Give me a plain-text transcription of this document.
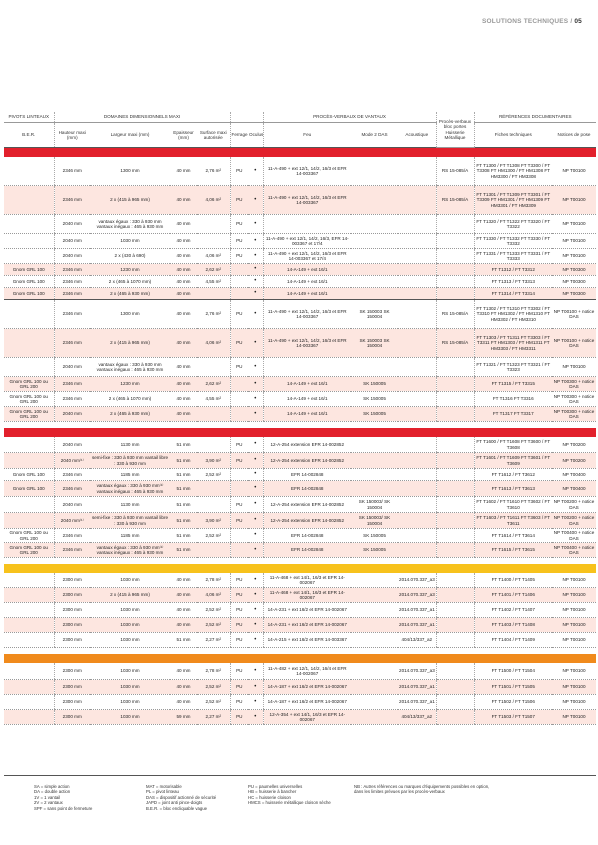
SOLUTIONS TECHNIQUES / 05
PIVOTS LINTEAUX	DOMAINES DIMENSIONNELS MAXI						PROCÈS-VERBAUX DE VANTAUX			Procès-verbaux bloc portes Huisserie Métallique	RÉFÉRENCES DOCUMENTAIRES	
B.E.R.	Hauteur maxi (mm)	Largeur maxi (mm)	Epaisseur (mm)	Surface maxi autorisée	Ferrage	Oculus	Feu	Mode 2 DAS	Acoustique		Fiches techniques	Notices de pose

	2346 mm	1300 mm	40 mm	2,76 m²	PU	•	11-A-490 + ext 12/1, 14/2, 16/3 et EFR 14-003367			RS 15-085/A	FT T1300 / FT T1308 FT T3300 / FT T3308 FT HM1300 / FT HM1308 FT HM3300 / FT HM3308	NP T00100
	2346 mm	2 x (415 à 965 mm)	40 mm	4,06 m²	PU	•	11-A-490 + ext 12/1, 14/2, 16/3 et EFR 14-003367			RS 15-085/A	FT T1301 / FT T1309 FT T3301 / FT T3309 FT HM1301 / FT HM1309 FT HM3301 / FT HM3309	NP T00100
	2040 mm	vantaux égaux : 330 à 930 mm vantaux inégaux : 465 à 930 mm	40 mm		PU	•					FT T1320 / FT T1322 FT T3320 / FT T3322	NP T00100
	2040 mm	1030 mm	40 mm		PU	•	11-A-490 + ext 12/1, 14/2, 16/3, EFR 14-003367 et 17/4				FT T1330 / FT T1332 FT T3330 / FT T3332	NP T00100
	2040 mm	2 x (430 à 690)	40 mm	4,06 m²	PU	•	11-A-490 + ext 12/1, 14/2, 16/3 et EFR 14-003367 et 17/4				FT T1331 / FT T1333 FT T3331 / FT T3333	NP T00100
Gnom GRL 100	2346 mm	1230 mm	40 mm	2,62 m²		•	14-A-149 + ext 16/1				FT T1312 / FT T3312	NP T00300
Gnom GRL 100	2346 mm	2 x (465 à 1070 mm)	40 mm	4,55 m²		•	14-A-149 + ext 16/1				FT T1313 / FT T3313	NP T00300
Gnom GRL 100	2346 mm	2 x (465 à 930 mm)	40 mm			•	14-A-149 + ext 16/1				FT T1314 / FT T3314	NP T00300
	2346 mm	1300 mm	40 mm	2,76 m²	PU	•	11-A-490 + ext 12/1, 14/2, 16/3 et EFR 14-003367	SK 150003 SK 150004		RS 15-085/A	FT T1302 / FT T1310 FT T3302 / FT T3310 FT HM1302 / FT HM1310 FT HM3302 / FT HM3310	NP T00100 + notice DAS
	2346 mm	2 x (415 à 965 mm)	40 mm	4,06 m²	PU	•	11-A-490 + ext 12/1, 14/2, 16/3 et EFR 14-003367	SK 150003 SK 150004		RS 15-085/A	FT T1303 / FT T1311 FT T3303 / FT T3311 FT HM1303 / FT HM1311 FT HM3303 / FT HM3311	NP T00100 + notice DAS
	2040 mm	vantaux égaux : 330 à 930 mm vantaux inégaux : 465 à 930 mm	40 mm		PU	•					FT T1321 / FT T1323 FT T3321 / FT T3323	NP T00100
Gnom GRL 100 ou GRL 200	2346 mm	1230 mm	40 mm	2,62 m²		•	14-A-149 + ext 16/1	SK 150005			FT T1315 / FT T3315	NP T00300 + notice DAS
Gnom GRL 100 ou GRL 200	2346 mm	2 x (465 à 1070 mm)	40 mm	4,55 m²		•	14-A-149 + ext 16/1	SK 150005			FT T1316 FT T3316	NP T00300 + notice DAS
Gnom GRL 100 ou GRL 200	2040 mm	2 x (465 à 930 mm)	40 mm			•	14-A-149 + ext 16/1	SK 150005			FT T1317 FT T3317	NP T00300 + notice DAS

	2040 mm	1130 mm	51 mm		PU	•	12-A-254 extension EFR 14-002852				FT T1600 / FT T1608 FT T3600 / FT T3608	NP T00200
	2040 mm⁽¹⁾	semi-fixe : 330 à 930 mm vantail libre : 330 à 930 mm	51 mm	3,90 m²	PU	•	12-A-254 extension EFR 14-002852				FT T1601 / FT T1609 FT T3601 / FT T3609	NP T00200
Gnom GRL 100	2346 mm	1185 mm	51 mm	2,52 m²		•	EFR 14-002848				FT T1612 / FT T3612	NP T00400
Gnom GRL 100	2346 mm	vantaux égaux : 330 à 930 mm⁽¹⁾ vantaux inégaux : 465 à 930 mm	51 mm			•	EFR 14-002848				FT T1613 / FT T3613	NP T00400
	2040 mm	1130 mm	51 mm		PU	•	12-A-254 extension EFR 14-002852	SK 150003/ SK 150004			FT T1602 / FT T1610 FT T3602 / FT T3610	NP T00200 + notice DAS
	2040 mm⁽¹⁾	semi-fixe : 330 à 930 mm vantail libre : 330 à 930 mm	51 mm	3,90 m²	PU	•	12-A-254 extension EFR 14-002852	SK 150003/ SK 150004			FT T1603 / FT T1611 FT T3603 / FT T3611	NP T00200 + notice DAS
Gnom GRL 100 ou GRL 200	2346 mm	1185 mm	51 mm	2,52 m²		•	EFR 14-002848	SK 150005			FT T1614 / FT T3614	NP T00400 + notice DAS
Gnom GRL 100 ou GRL 200	2346 mm	vantaux égaux : 330 à 930 mm⁽¹⁾ vantaux inégaux : 465 à 930 mm	51 mm			•	EFR 14-002848	SK 150005			FT T1615 / FT T3615	NP T00400 + notice DAS

	2300 mm	1030 mm	40 mm	2,78 m²	PU	•	11-A-468 + ext 14/1, 16/3 et EFR 14-002067		2014.070.337_a3		FT T1400 / FT T1405	NP T00100
	2300 mm	2 x (415 à 965 mm)	40 mm	4,06 m²	PU	•	11-A-468 + ext 14/1, 16/3 et EFR 14-002067		2014.070.337_a3		FT T1401 / FT T1406	NP T00100
	2300 mm	1030 mm	40 mm	2,52 m²	PU	•	14-A-231 + ext 16/2 et EFR 14-002067		2014.070.337_a1		FT T1402 / FT T1407	NP T00100
	2300 mm	1030 mm	40 mm	2,52 m²	PU	•	14-A-231 + ext 16/2 et EFR 14-002067		2014.070.337_a1		FT T1403 / FT T1408	NP T00100
	2300 mm	1030 mm	51 mm	2,27 m²	PU	•	14-A-215 + ext 16/2 et EFR 14-003367		404/13/337_a2		FT T1404 / FT T1409	NP T00100

	2300 mm	1030 mm	40 mm	2,78 m²	PU	•	11-A-482 + ext 12/1, 14/2, 16/4 et EFR 14-002067		2014.070.337_a3		FT T1500 / FT T1504	NP T00100
	2300 mm	1030 mm	40 mm	2,52 m²	PU	•	14-A-187 + ext 16/2 et EFR 14-002067		2014.070.337_a1		FT T1501 / FT T1505	NP T00100
	2300 mm	1030 mm	40 mm	2,52 m²	PU	•	14-A-187 + ext 16/2 et EFR 14-002067		2014.070.337_a1		FT T1502 / FT T1506	NP T00100
	2300 mm	1030 mm	59 mm	2,27 m²	PU	•	12-A-354 + ext 14/1, 16/3 et EFR 14-002067		404/13/337_a2		FT T1503 / FT T1507	NP T00100
SA = simple action
DA = double action
1V = 1 vantail
2V = 2 vantaux
SPF = sans point de fermeture
MAT = motorisable
PL = pivot linteau
DAS = dispositif actionné de sécurité
JAPD = joint anti pince-doigts
B.E.R. = bloc encliquable vague
PU = paumelles universelles
HB = huisserie à bancher
HC = huisserie cloison
HMCS = huisserie métallique cloison sèche
NB : Autres références ou marques d'équipements possibles en option,
dans les limites prévues par les procès-verbaux
